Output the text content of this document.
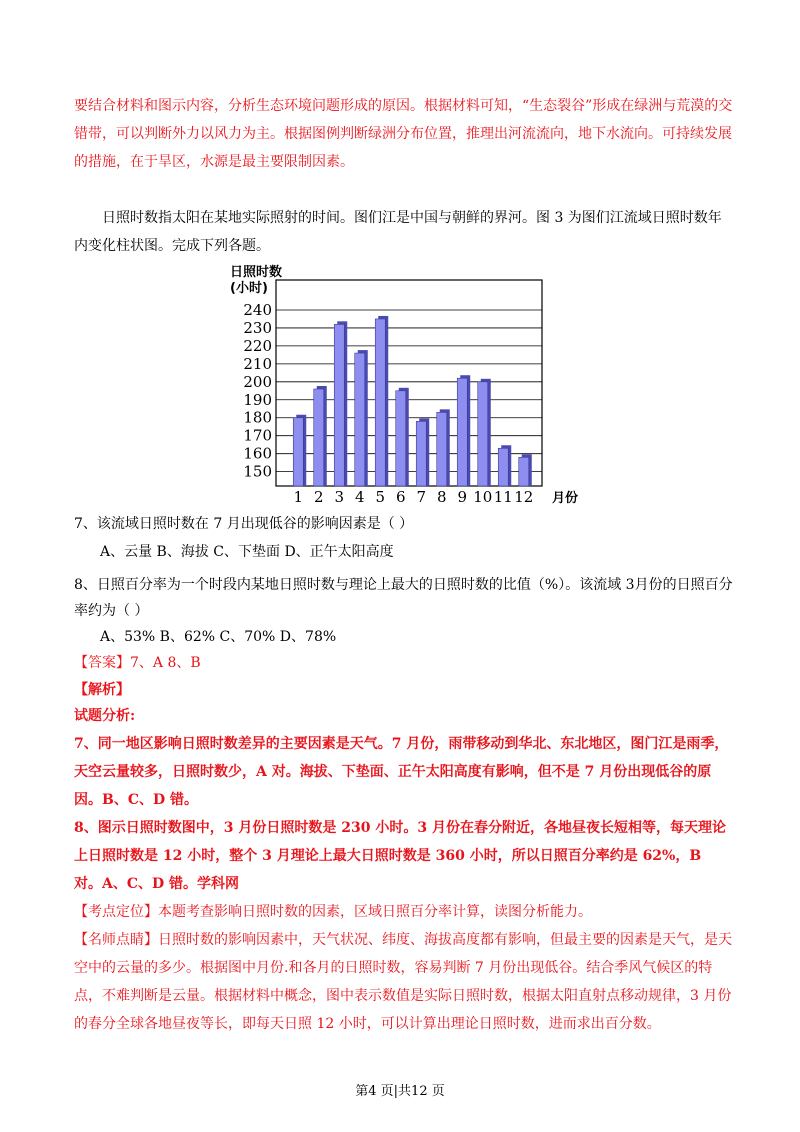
要结合材料和图示内容，分析生态环境问题形成的原因。根据材料可知，“生态裂谷”形成在绿洲与荒漠的交错带，可以判断外力以风力为主。根据图例判断绿洲分布位置，推理出河流流向，地下水流向。可持续发展的措施，在于旱区，水源是最主要限制因素。

日照时数指太阳在某地实际照射的时间。图们江是中国与朝鲜的界河。图 3 为图们江流域日照时数年内变化柱状图。完成下列各题。

240
230
220
210
200
190
180
170
160
150
1 2 3 4 5 6 7 8 9 10 11 12
日照时数
(小时)
月份
7、该流域日照时数在 7 月出现低谷的影响因素是（ ）
A、云量 B、海拔 C、下垫面 D、正午太阳高度
8、日照百分率为一个时段内某地日照时数与理论上最大的日照时数的比值（%）。该流域 3月份的日照百分
率约为（ ）
A、53% B、62% C、70% D、78%
【答案】7、A 8、B
【解析】
试题分析:

7、同一地区影响日照时数差异的主要因素是天气。7 月份，雨带移动到华北、东北地区，图门江是雨季，天空云量较多，日照时数少，A 对。海拔、下垫面、正午太阳高度有影响，但不是 7 月份出现低谷的原因。B、C、D 错。

8、图示日照时数图中，3 月份日照时数是 230 小时。3 月份在春分附近，各地昼夜长短相等，每天理论上日照时数是 12 小时，整个 3 月理论上最大日照时数是 360 小时，所以日照百分率约是 62%，B 对。A、C、D 错。学科网

【考点定位】本题考查影响日照时数的因素，区域日照百分率计算，读图分析能力。

【名师点睛】日照时数的影响因素中，天气状况、纬度、海拔高度都有影响，但最主要的因素是天气，是天空中的云量的多少。根据图中月份.和各月的日照时数，容易判断 7 月份出现低谷。结合季风气候区的特点，不难判断是云量。根据材料中概念，图中表示数值是实际日照时数，根据太阳直射点移动规律，3 月份的春分全球各地昼夜等长，即每天日照 12 小时，可以计算出理论日照时数，进而求出百分数。

第4 页|共12 页
